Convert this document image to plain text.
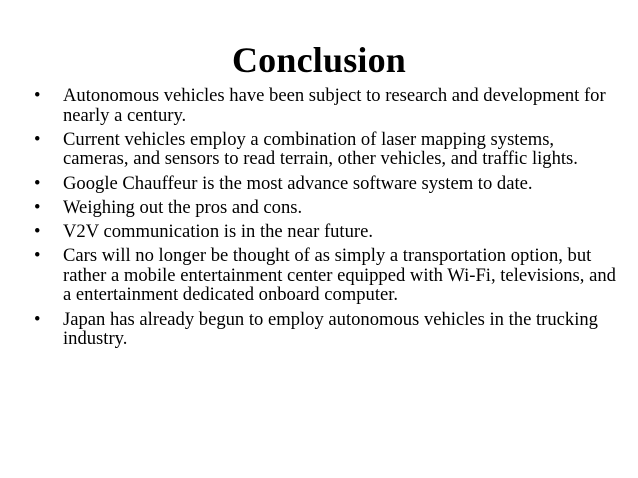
Conclusion
•	Autonomous vehicles have been subject to research and development for nearly a century.
•	Current vehicles employ a combination of laser mapping systems, cameras, and sensors to read terrain, other vehicles, and traffic lights.
•	Google Chauffeur is the most advance software system to date.
•	Weighing out the pros and cons.
•	V2V communication is in the near future.
•	Cars will no longer be thought of as simply a transportation option, but rather a mobile entertainment center equipped with Wi-Fi, televisions, and a entertainment dedicated onboard computer.
•	Japan has already begun to employ autonomous vehicles in the trucking industry.
